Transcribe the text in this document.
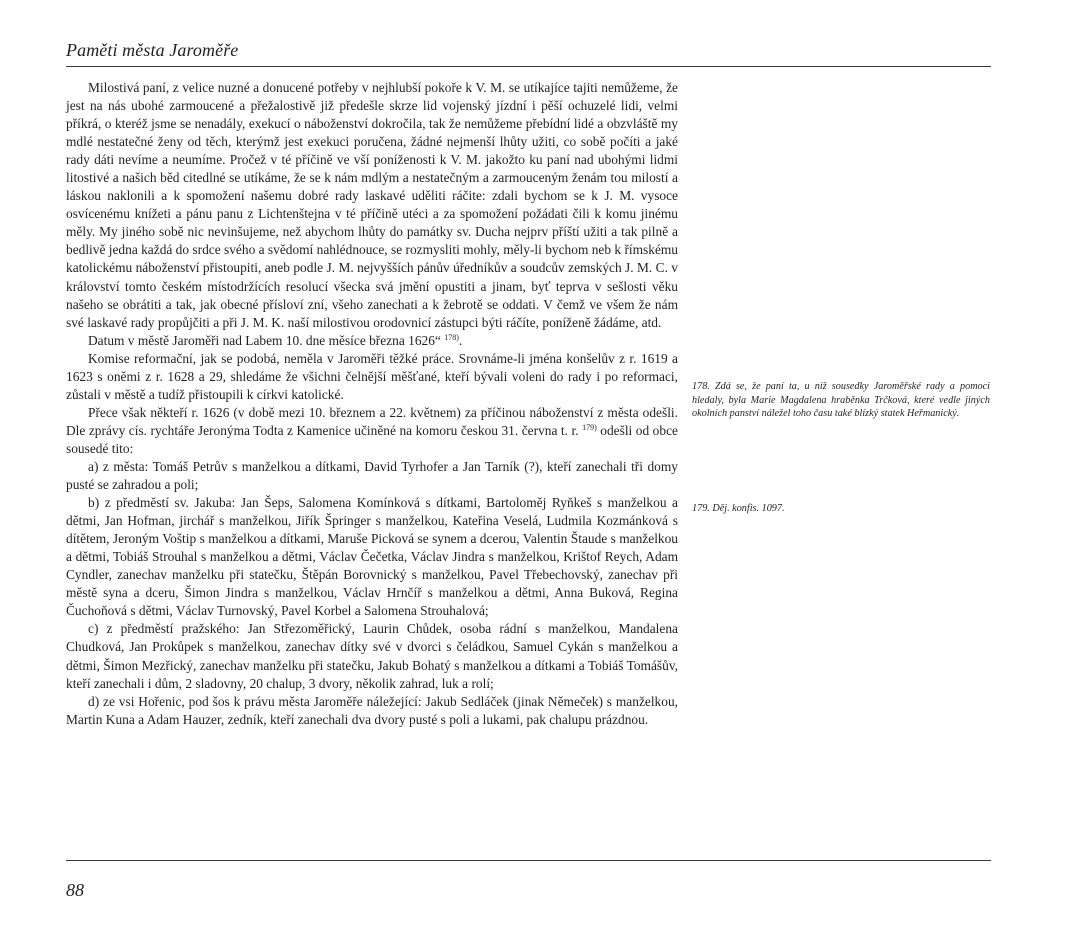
Paměti města Jaroměře

Milostivá paní, z velice nuzné a donucené potřeby v nejhlubší pokoře k V. M. se utíkajíce tajiti nemůžeme, že jest na nás ubohé zarmoucené a přežalostivě již předešle skrze lid vojenský jízdní i pěší ochuzelé lidi, velmi příkrá, o kteréž jsme se nenadály, exekucí o náboženství dokročila, tak že nemůžeme přebídní lidé a obzvláště my mdlé nestatečné ženy od těch, kterýmž jest exekuci poručena, žádné nejmenší lhůty užiti, co sobě počíti a jaké rady dáti nevíme a neumíme. Pročež v té příčině ve vší poníženosti k V. M. jakožto ku paní nad ubohými lidmi litostivé a našich běd citedlné se utíkáme, že se k nám mdlým a nestatečným a zarmouceným ženám tou milostí a láskou naklonili a k spomožení našemu dobré rady laskavé uděliti ráčite: zdali bychom se k J. M. vysoce osvícenému knížeti a pánu panu z Lichtenštejna v té příčině utéci a za spomožení požádati čili k komu jinému měly. My jiného sobě nic nevinšujeme, než abychom lhůty do památky sv. Ducha nejprv příští užiti a tak pilně a bedlivě jedna každá do srdce svého a svědomí nahlédnouce, se rozmysliti mohly, měly-li bychom neb k římskému katolickému náboženství přistoupiti, aneb podle J. M. nejvyšších pánův úředníkův a soudcův zemských J. M. C. v království tomto českém místodržících resolucí všecka svá jmění opustiti a jinam, byť teprva v sešlosti věku našeho se obrátiti a tak, jak obecné přísloví zní, všeho zanechati a k žebrotě se oddati. V čemž ve všem že nám své laskavé rady propůjčiti a při J. M. K. naší milostivou orodovnicí zástupci býti ráčíte, poníženě žádáme, atd.

Datum v městě Jaroměři nad Labem 10. dne měsíce března 1626“ $^{178)}$.

Komise reformační, jak se podobá, neměla v Jaroměři těžké práce. Srovnáme-li jména konšelův z r. 1619 a 1623 s oněmi z r. 1628 a 29, shledáme že všichni čelnější měšťané, kteří bývali voleni do rady i po reformaci, zůstali v městě a tudíž přistoupili k církvi katolické.

Přece však někteří r. 1626 (v době mezi 10. březnem a 22. květnem) za příčinou náboženství z města odešli. Dle zprávy cís. rychtáře Jeronýma Todta z Kamenice učiněné na komoru českou 31. června t. r. $^{179)}$ odešli od obce sousedé tito:

a) z města: Tomáš Petrův s manželkou a dítkami, David Tyrhofer a Jan Tarník (?), kteří zanechali tři domy pusté se zahradou a poli;

b) z předměstí sv. Jakuba: Jan Šeps, Salomena Komínková s dítkami, Bartoloměj Ryňkeš s manželkou a dětmi, Jan Hofman, jirchář s manželkou, Jiřík Špringer s manželkou, Kateřina Veselá, Ludmila Kozmánková s dítětem, Jeroným Voštip s manželkou a dítkami, Maruše Picková se synem a dcerou, Valentin Štaude s manželkou a dětmi, Tobiáš Strouhal s manželkou a dětmi, Václav Čečetka, Václav Jindra s manželkou, Krištof Reych, Adam Cyndler, zanechav manželku při statečku, Štěpán Borovnický s manželkou, Pavel Třebechovský, zanechav při městě syna a dceru, Šimon Jindra s manželkou, Václav Hrnčíř s manželkou a dětmi, Anna Buková, Regina Čuchoňová s dětmi, Václav Turnovský, Pavel Korbel a Salomena Strouhalová;

c) z předměstí pražského: Jan Střezoměřický, Laurin Chůdek, osoba rádní s manželkou, Mandalena Chudková, Jan Prokůpek s manželkou, zanechav dítky své v dvorci s čeládkou, Samuel Cykán s manželkou a dětmi, Šimon Mezřický, zanechav manželku při statečku, Jakub Bohatý s manželkou a dítkami a Tobiáš Tomášův, kteří zanechali i dům, 2 sladovny, 20 chalup, 3 dvory, několik zahrad, luk a rolí;

d) ze vsi Hořenic, pod šos k právu města Jaroměře náležející: Jakub Sedláček (jinak Němeček) s manželkou, Martin Kuna a Adam Hauzer, zedník, kteří zanechali dva dvory pusté s poli a lukami, pak chalupu prázdnou.

178. Zdá se, že paní ta, u níž sousedky Jaroměřské rady a pomoci hledaly, byla Marie Magdalena hraběnka Trčková, které vedle jiných okolních panství náležel toho času také blízký statek Heřmanický.
179. Děj. konfis. 1097.
88
